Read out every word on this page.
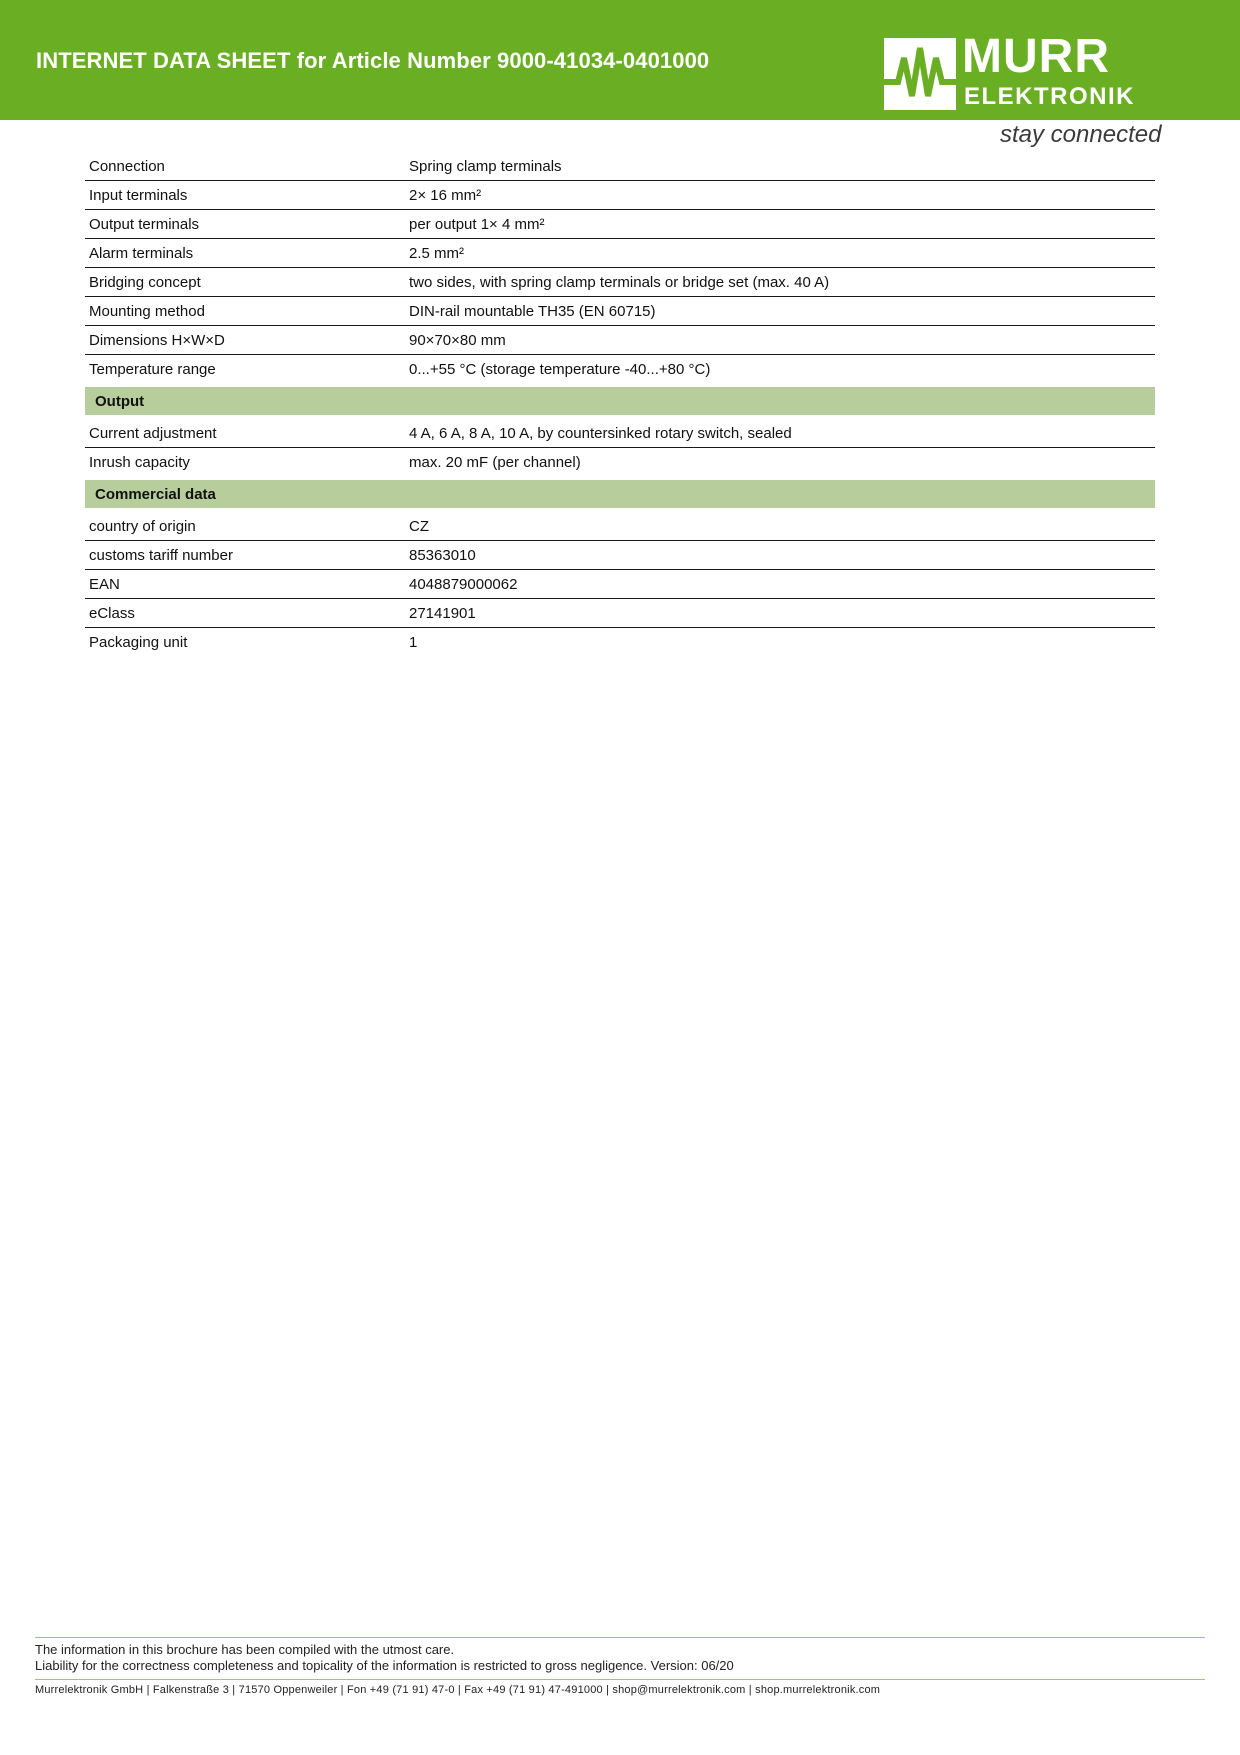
INTERNET DATA SHEET for Article Number 9000-41034-0401000	MURR
ELEKTRONIK
stay connected
Connection	Spring clamp terminals
Input terminals	2× 16 mm²
Output terminals	per output 1× 4 mm²
Alarm terminals	2.5 mm²
Bridging concept	two sides, with spring clamp terminals or bridge set (max. 40 A)
Mounting method	DIN-rail mountable TH35 (EN 60715)
Dimensions H×W×D	90×70×80 mm
Temperature range	0...+55 °C (storage temperature -40...+80 °C)
Output
Current adjustment	4 A, 6 A, 8 A, 10 A, by countersinked rotary switch, sealed
Inrush capacity	max. 20 mF (per channel)
Commercial data
country of origin	CZ
customs tariff number	85363010
EAN	4048879000062
eClass	27141901
Packaging unit	1
The information in this brochure has been compiled with the utmost care.
Liability for the correctness completeness and topicality of the information is restricted to gross negligence. Version: 06/20
Murrelektronik GmbH | Falkenstraße 3 | 71570 Oppenweiler | Fon +49 (71 91) 47-0 | Fax +49 (71 91) 47-491000 | shop@murrelektronik.com | shop.murrelektronik.com
